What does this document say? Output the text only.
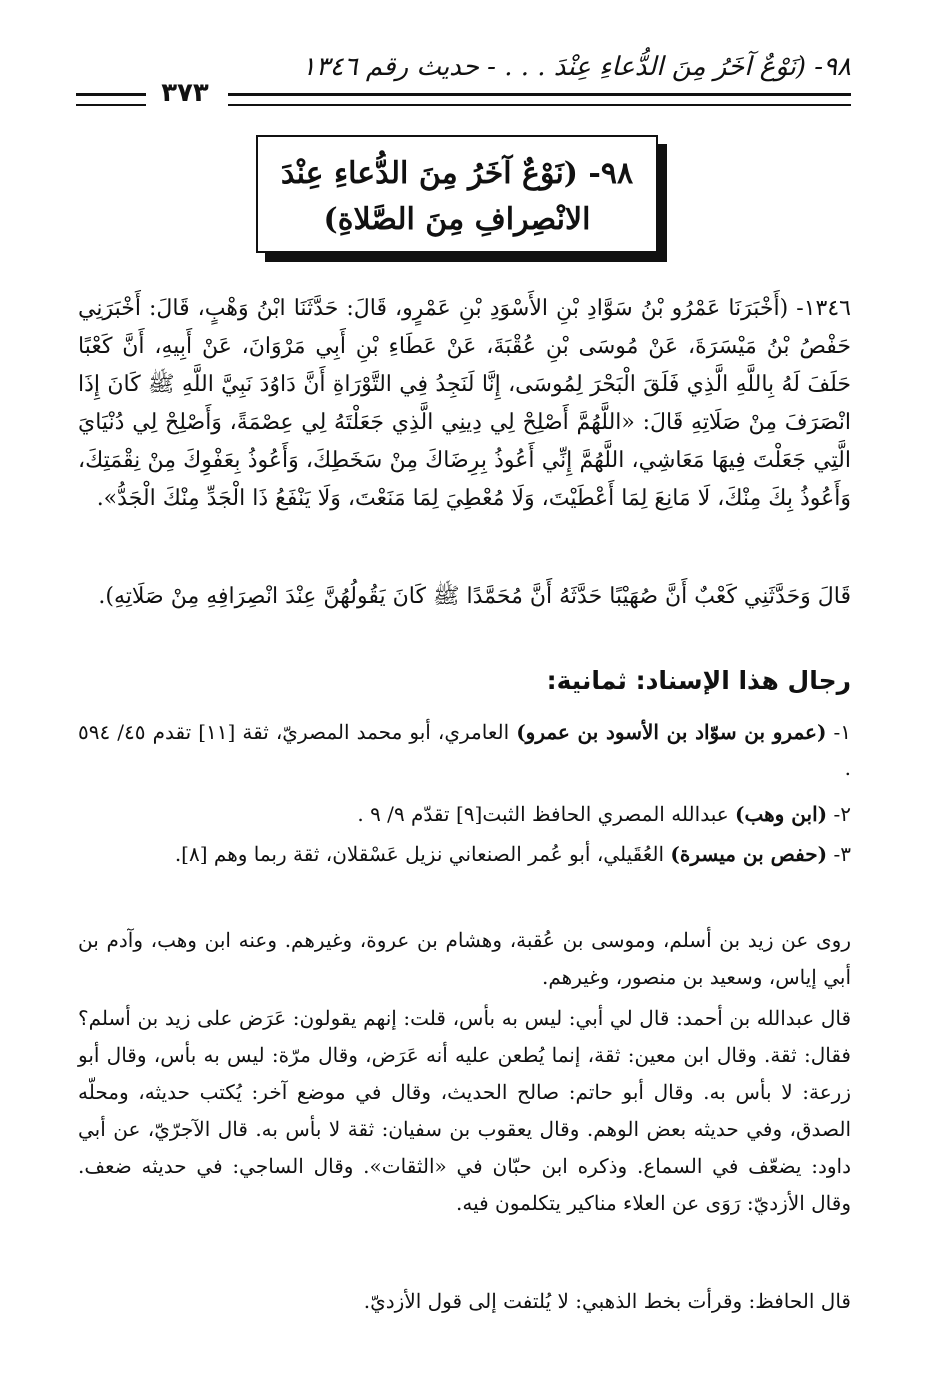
٩٨- (نَوْعٌ آخَرُ مِنَ الدُّعاءِ عِنْدَ . . . - حديث رقم ١٣٤٦
٣٧٣
٩٨- (نَوْعٌ آخَرُ مِنَ الدُّعاءِ عِنْدَ
الانْصِرافِ مِنَ الصَّلاةِ)
١٣٤٦- (أَخْبَرَنَا عَمْرُو بْنُ سَوَّادِ بْنِ الأَسْوَدِ بْنِ عَمْرٍو، قَالَ: حَدَّثَنَا ابْنُ وَهْبٍ، قَالَ: أَخْبَرَنِي حَفْصُ بْنُ مَيْسَرَةَ، عَنْ مُوسَى بْنِ عُقْبَةَ، عَنْ عَطَاءِ بْنِ أَبِي مَرْوَانَ، عَنْ أَبِيهِ، أَنَّ كَعْبًا حَلَفَ لَهُ بِاللَّهِ الَّذِي فَلَقَ الْبَحْرَ لِمُوسَى، إِنَّا لَنَجِدُ فِي التَّوْرَاةِ أَنَّ دَاوُدَ نَبِيَّ اللَّهِ ﷺ كَانَ إِذَا انْصَرَفَ مِنْ صَلَاتِهِ قَالَ: «اللَّهُمَّ أَصْلِحْ لِي دِينِي الَّذِي جَعَلْتَهُ لِي عِصْمَةً، وَأَصْلِحْ لِي دُنْيَايَ الَّتِي جَعَلْتَ فِيهَا مَعَاشِي، اللَّهُمَّ إِنِّي أَعُوذُ بِرِضَاكَ مِنْ سَخَطِكَ، وَأَعُوذُ بِعَفْوِكَ مِنْ نِقْمَتِكَ، وَأَعُوذُ بِكَ مِنْكَ، لَا مَانِعَ لِمَا أَعْطَيْتَ، وَلَا مُعْطِيَ لِمَا مَنَعْتَ، وَلَا يَنْفَعُ ذَا الْجَدِّ مِنْكَ الْجَدُّ».
قَالَ وَحَدَّثَنِي كَعْبٌ أَنَّ صُهَيْبًا حَدَّثَهُ أَنَّ مُحَمَّدًا ﷺ كَانَ يَقُولُهُنَّ عِنْدَ انْصِرَافِهِ مِنْ صَلَاتِهِ).
رجال هذا الإسناد: ثمانية:
١- (عمرو بن سوّاد بن الأسود بن عمرو) العامري، أبو محمد المصريّ، ثقة [١١] تقدم ٤٥/ ٥٩٤ .
٢- (ابن وهب) عبدالله المصري الحافظ الثبت[٩] تقدّم ٩/ ٩ .
٣- (حفص بن ميسرة) العُقَيلي، أبو عُمر الصنعاني نزيل عَسْقلان، ثقة ربما وهم [٨].
روى عن زيد بن أسلم، وموسى بن عُقبة، وهشام بن عروة، وغيرهم. وعنه ابن وهب، وآدم بن أبي إياس، وسعيد بن منصور، وغيرهم.
قال عبدالله بن أحمد: قال لي أبي: ليس به بأس، قلت: إنهم يقولون: عَرَض على زيد بن أسلم؟ فقال: ثقة. وقال ابن معين: ثقة، إنما يُطعن عليه أنه عَرَض، وقال مرّة: ليس به بأس، وقال أبو زرعة: لا بأس به. وقال أبو حاتم: صالح الحديث، وقال في موضع آخر: يُكتب حديثه، ومحلّه الصدق، وفي حديثه بعض الوهم. وقال يعقوب بن سفيان: ثقة لا بأس به. قال الآجرّيّ، عن أبي داود: يضعّف في السماع. وذكره ابن حبّان في «الثقات». وقال الساجي: في حديثه ضعف. وقال الأزديّ: رَوَى عن العلاء مناكير يتكلمون فيه.
قال الحافظ: وقرأت بخط الذهبي: لا يُلتفت إلى قول الأزديّ.
